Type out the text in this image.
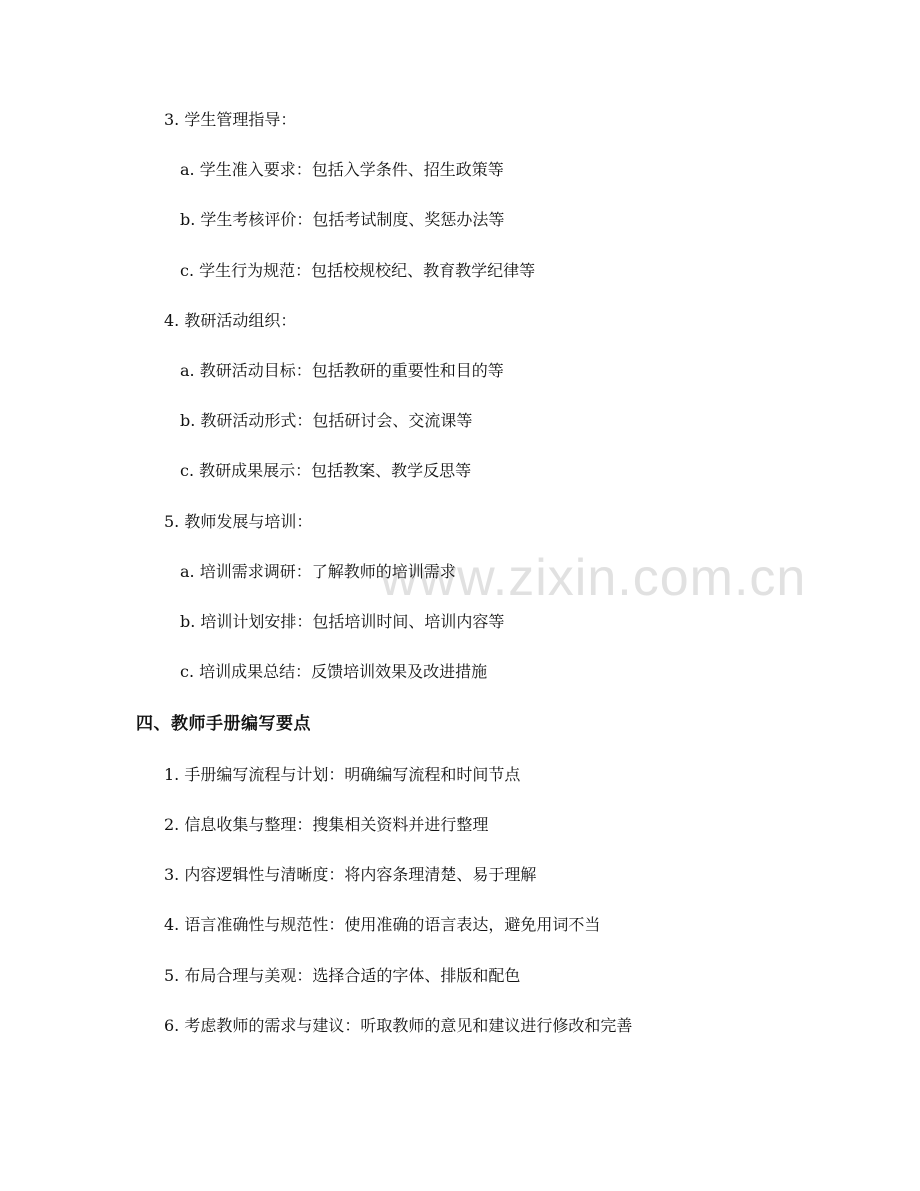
www.zixin.com.cn
3. 学生管理指导：
a. 学生准入要求：包括入学条件、招生政策等
b. 学生考核评价：包括考试制度、奖惩办法等
c. 学生行为规范：包括校规校纪、教育教学纪律等
4. 教研活动组织：
a. 教研活动目标：包括教研的重要性和目的等
b. 教研活动形式：包括研讨会、交流课等
c. 教研成果展示：包括教案、教学反思等
5. 教师发展与培训：
a. 培训需求调研：了解教师的培训需求
b. 培训计划安排：包括培训时间、培训内容等
c. 培训成果总结：反馈培训效果及改进措施
四、教师手册编写要点
1. 手册编写流程与计划：明确编写流程和时间节点
2. 信息收集与整理：搜集相关资料并进行整理
3. 内容逻辑性与清晰度：将内容条理清楚、易于理解
4. 语言准确性与规范性：使用准确的语言表达，避免用词不当
5. 布局合理与美观：选择合适的字体、排版和配色
6. 考虑教师的需求与建议：听取教师的意见和建议进行修改和完善
